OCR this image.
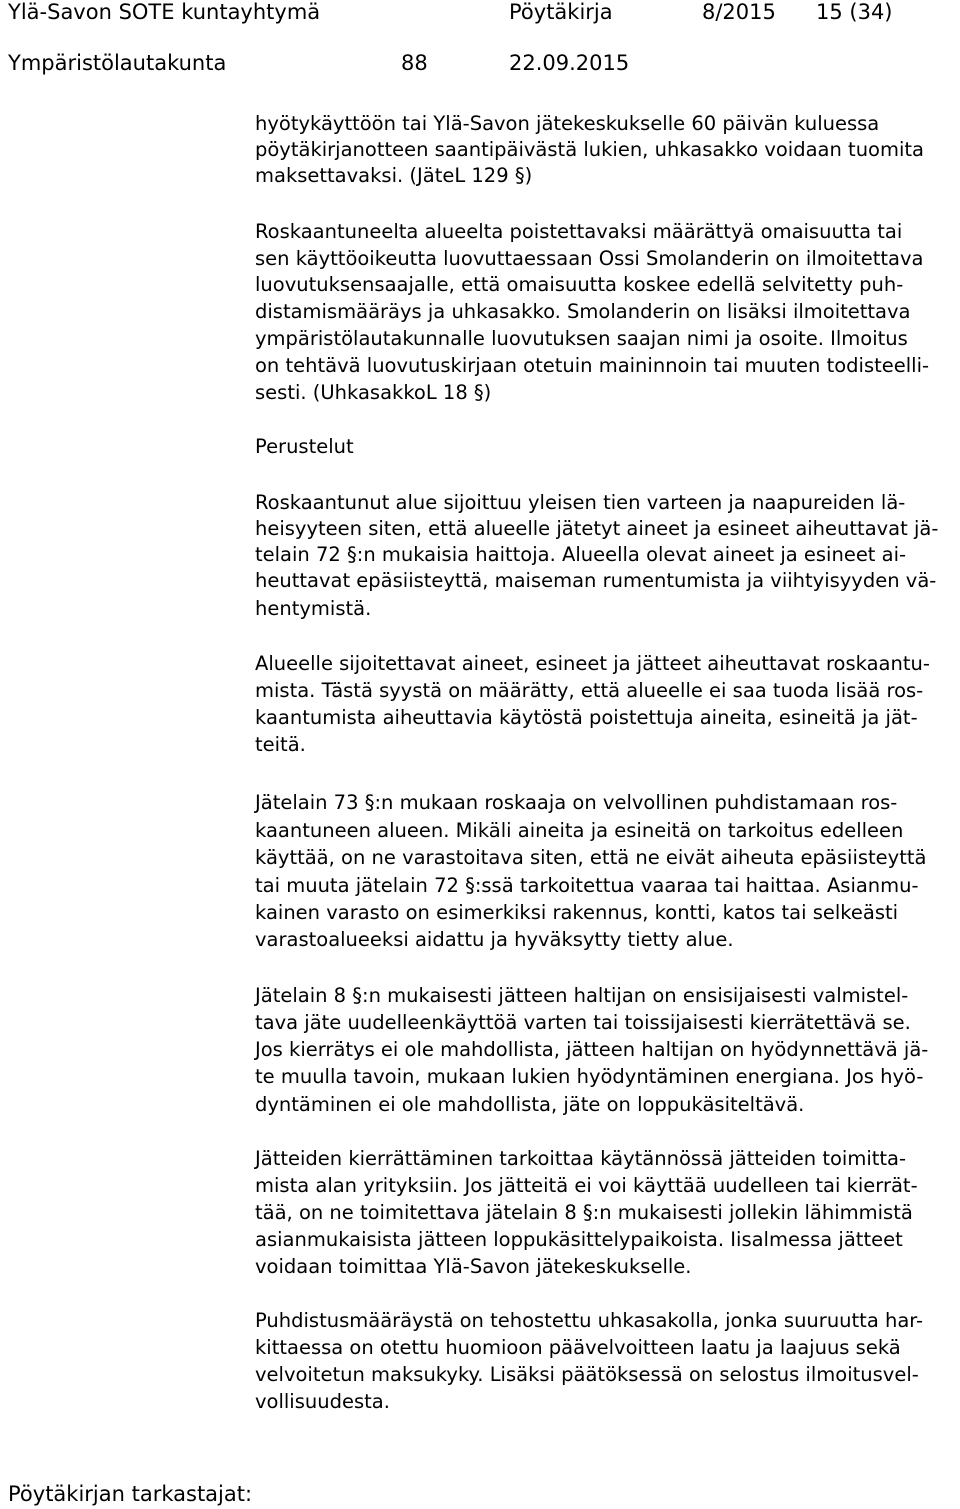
Ylä-Savon SOTE kuntayhtymä	Pöytäkirja	8/2015 15 (34)
Ympäristölautakunta	88	22.09.2015
hyötykäyttöön tai Ylä-Savon jätekeskukselle 60 päivän kuluessa
pöytäkirjanotteen saantipäivästä lukien, uhkasakko voidaan tuomita
maksettavaksi. (JäteL 129 §)
Roskaantuneelta alueelta poistettavaksi määrättyä omaisuutta tai
sen käyttöoikeutta luovuttaessaan Ossi Smolanderin on ilmoitettava
luovutuksensaajalle, että omaisuutta koskee edellä selvitetty puh-
distamismääräys ja uhkasakko. Smolanderin on lisäksi ilmoitettava
ympäristölautakunnalle luovutuksen saajan nimi ja osoite. Ilmoitus
on tehtävä luovutuskirjaan otetuin maininnoin tai muuten todisteelli-
sesti. (UhkasakkoL 18 §)
Perustelut
Roskaantunut alue sijoittuu yleisen tien varteen ja naapureiden lä-
heisyyteen siten, että alueelle jätetyt aineet ja esineet aiheuttavat jä-
telain 72 §:n mukaisia haittoja. Alueella olevat aineet ja esineet ai-
heuttavat epäsiisteyttä, maiseman rumentumista ja viihtyisyyden vä-
hentymistä.
Alueelle sijoitettavat aineet, esineet ja jätteet aiheuttavat roskaantu-
mista. Tästä syystä on määrätty, että alueelle ei saa tuoda lisää ros-
kaantumista aiheuttavia käytöstä poistettuja aineita, esineitä ja jät-
teitä.
Jätelain 73 §:n mukaan roskaaja on velvollinen puhdistamaan ros-
kaantuneen alueen. Mikäli aineita ja esineitä on tarkoitus edelleen
käyttää, on ne varastoitava siten, että ne eivät aiheuta epäsiisteyttä
tai muuta jätelain 72 §:ssä tarkoitettua vaaraa tai haittaa. Asianmu-
kainen varasto on esimerkiksi rakennus, kontti, katos tai selkeästi
varastoalueeksi aidattu ja hyväksytty tietty alue.
Jätelain 8 §:n mukaisesti jätteen haltijan on ensisijaisesti valmistel-
tava jäte uudelleenkäyttöä varten tai toissijaisesti kierrätettävä se.
Jos kierrätys ei ole mahdollista, jätteen haltijan on hyödynnettävä jä-
te muulla tavoin, mukaan lukien hyödyntäminen energiana. Jos hyö-
dyntäminen ei ole mahdollista, jäte on loppukäsiteltävä.
Jätteiden kierrättäminen tarkoittaa käytännössä jätteiden toimitta-
mista alan yrityksiin. Jos jätteitä ei voi käyttää uudelleen tai kierrät-
tää, on ne toimitettava jätelain 8 §:n mukaisesti jollekin lähimmistä
asianmukaisista jätteen loppukäsittelypaikoista. Iisalmessa jätteet
voidaan toimittaa Ylä-Savon jätekeskukselle.
Puhdistusmääräystä on tehostettu uhkasakolla, jonka suuruutta har-
kittaessa on otettu huomioon päävelvoitteen laatu ja laajuus sekä
velvoitetun maksukyky. Lisäksi päätöksessä on selostus ilmoitusvel-
vollisuudesta.
Pöytäkirjan tarkastajat:
